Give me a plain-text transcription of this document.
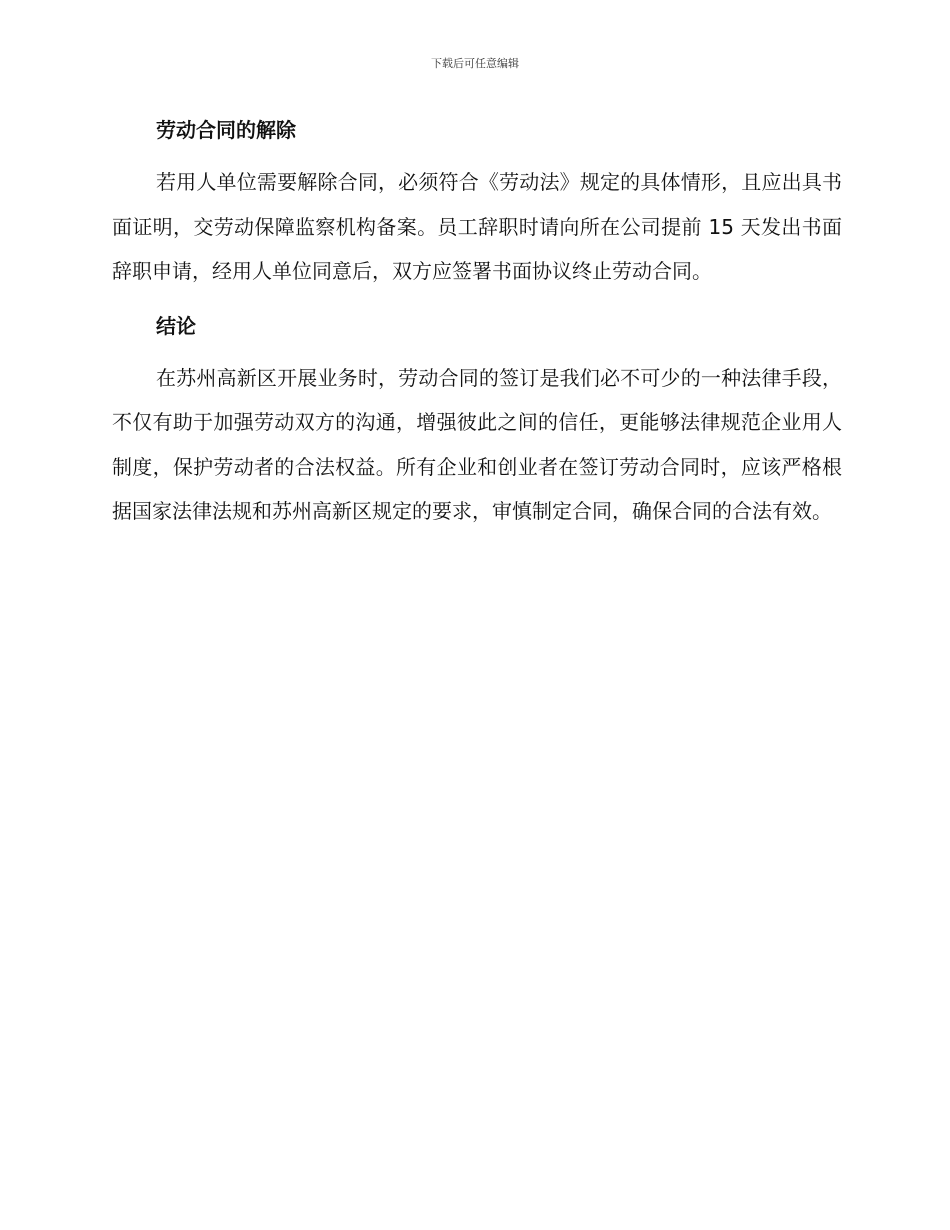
下载后可任意编辑
劳动合同的解除

若用人单位需要解除合同，必须符合《劳动法》规定的具体情形，且应出具书面证明，交劳动保障监察机构备案。员工辞职时请向所在公司提前 15 天发出书面辞职申请，经用人单位同意后，双方应签署书面协议终止劳动合同。

结论

在苏州高新区开展业务时，劳动合同的签订是我们必不可少的一种法律手段，不仅有助于加强劳动双方的沟通，增强彼此之间的信任，更能够法律规范企业用人制度，保护劳动者的合法权益。所有企业和创业者在签订劳动合同时，应该严格根据国家法律法规和苏州高新区规定的要求，审慎制定合同，确保合同的合法有效。
